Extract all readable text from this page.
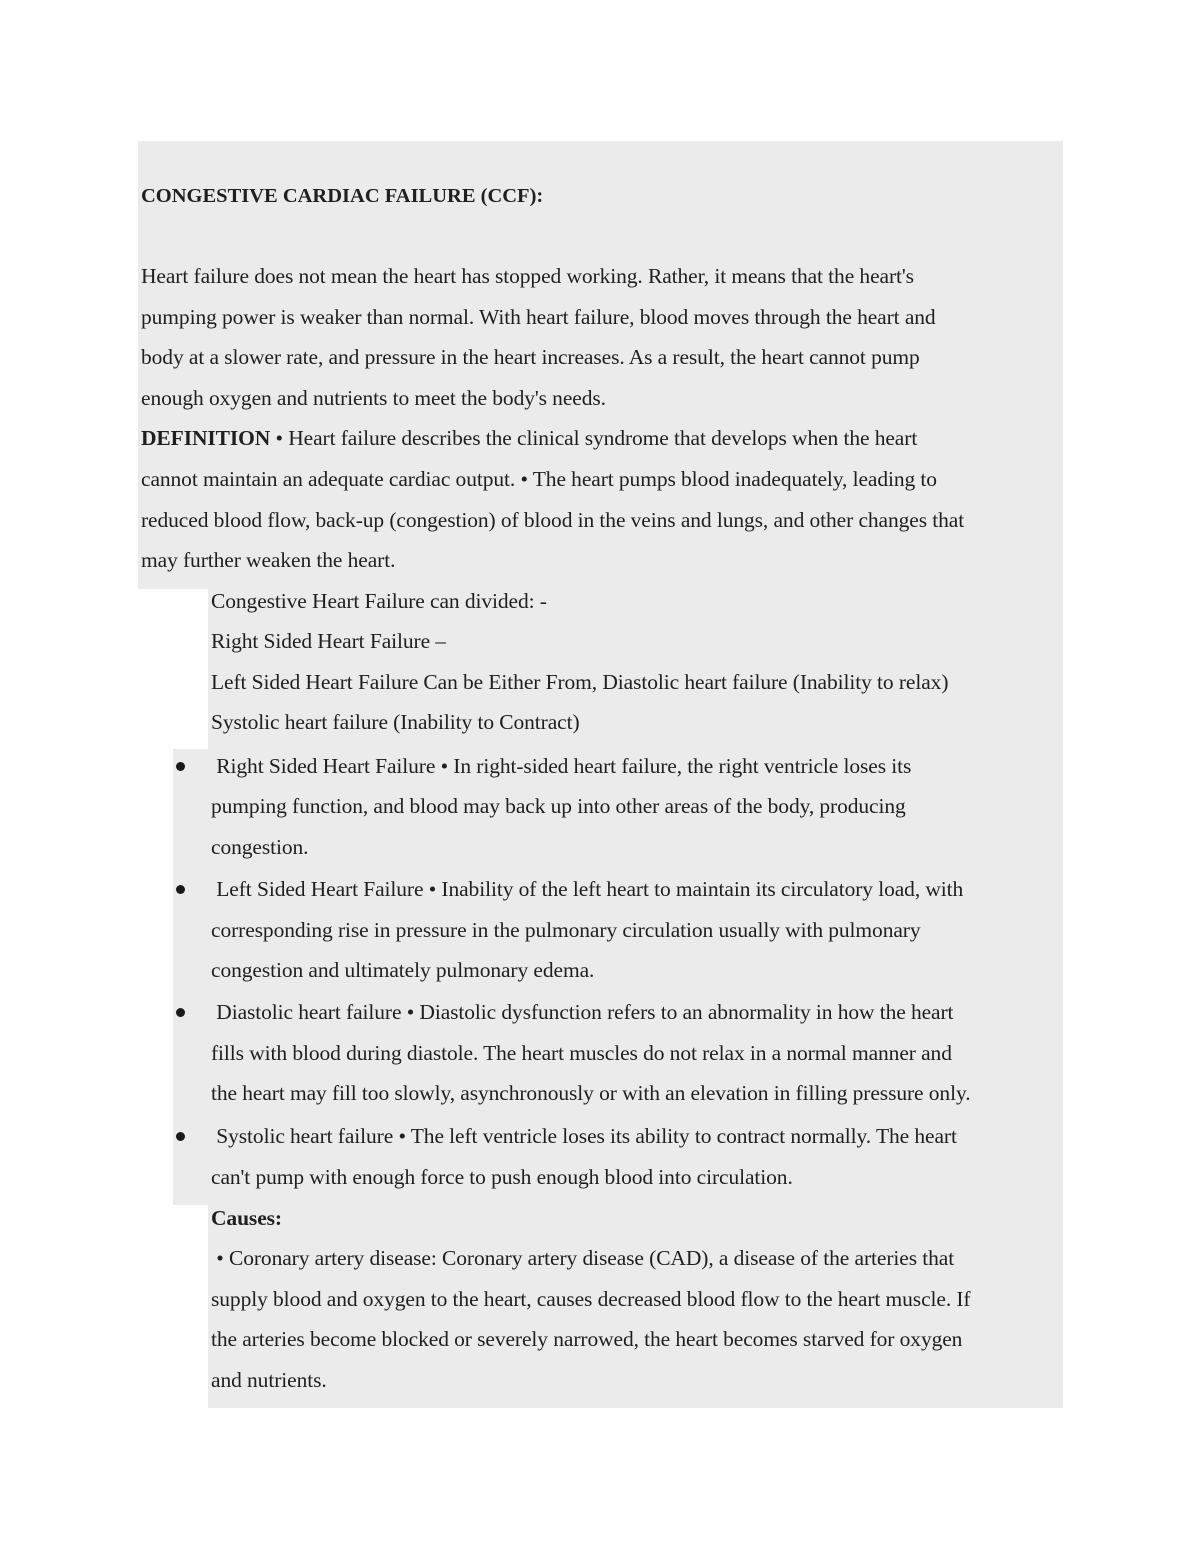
CONGESTIVE CARDIAC FAILURE (CCF):
Heart failure does not mean the heart has stopped working. Rather, it means that the heart's
pumping power is weaker than normal. With heart failure, blood moves through the heart and
body at a slower rate, and pressure in the heart increases. As a result, the heart cannot pump
enough oxygen and nutrients to meet the body's needs.
DEFINITION • Heart failure describes the clinical syndrome that develops when the heart
cannot maintain an adequate cardiac output. • The heart pumps blood inadequately, leading to
reduced blood flow, back-up (congestion) of blood in the veins and lungs, and other changes that
may further weaken the heart.
Congestive Heart Failure can divided: -
Right Sided Heart Failure –
Left Sided Heart Failure Can be Either From, Diastolic heart failure (Inability to relax)
Systolic heart failure (Inability to Contract)
Right Sided Heart Failure • In right-sided heart failure, the right ventricle loses its
pumping function, and blood may back up into other areas of the body, producing
congestion.
Left Sided Heart Failure • Inability of the left heart to maintain its circulatory load, with
corresponding rise in pressure in the pulmonary circulation usually with pulmonary
congestion and ultimately pulmonary edema.
Diastolic heart failure • Diastolic dysfunction refers to an abnormality in how the heart
fills with blood during diastole. The heart muscles do not relax in a normal manner and
the heart may fill too slowly, asynchronously or with an elevation in filling pressure only.
Systolic heart failure • The left ventricle loses its ability to contract normally. The heart
can't pump with enough force to push enough blood into circulation.
Causes:
• Coronary artery disease: Coronary artery disease (CAD), a disease of the arteries that
supply blood and oxygen to the heart, causes decreased blood flow to the heart muscle. If
the arteries become blocked or severely narrowed, the heart becomes starved for oxygen
and nutrients.
